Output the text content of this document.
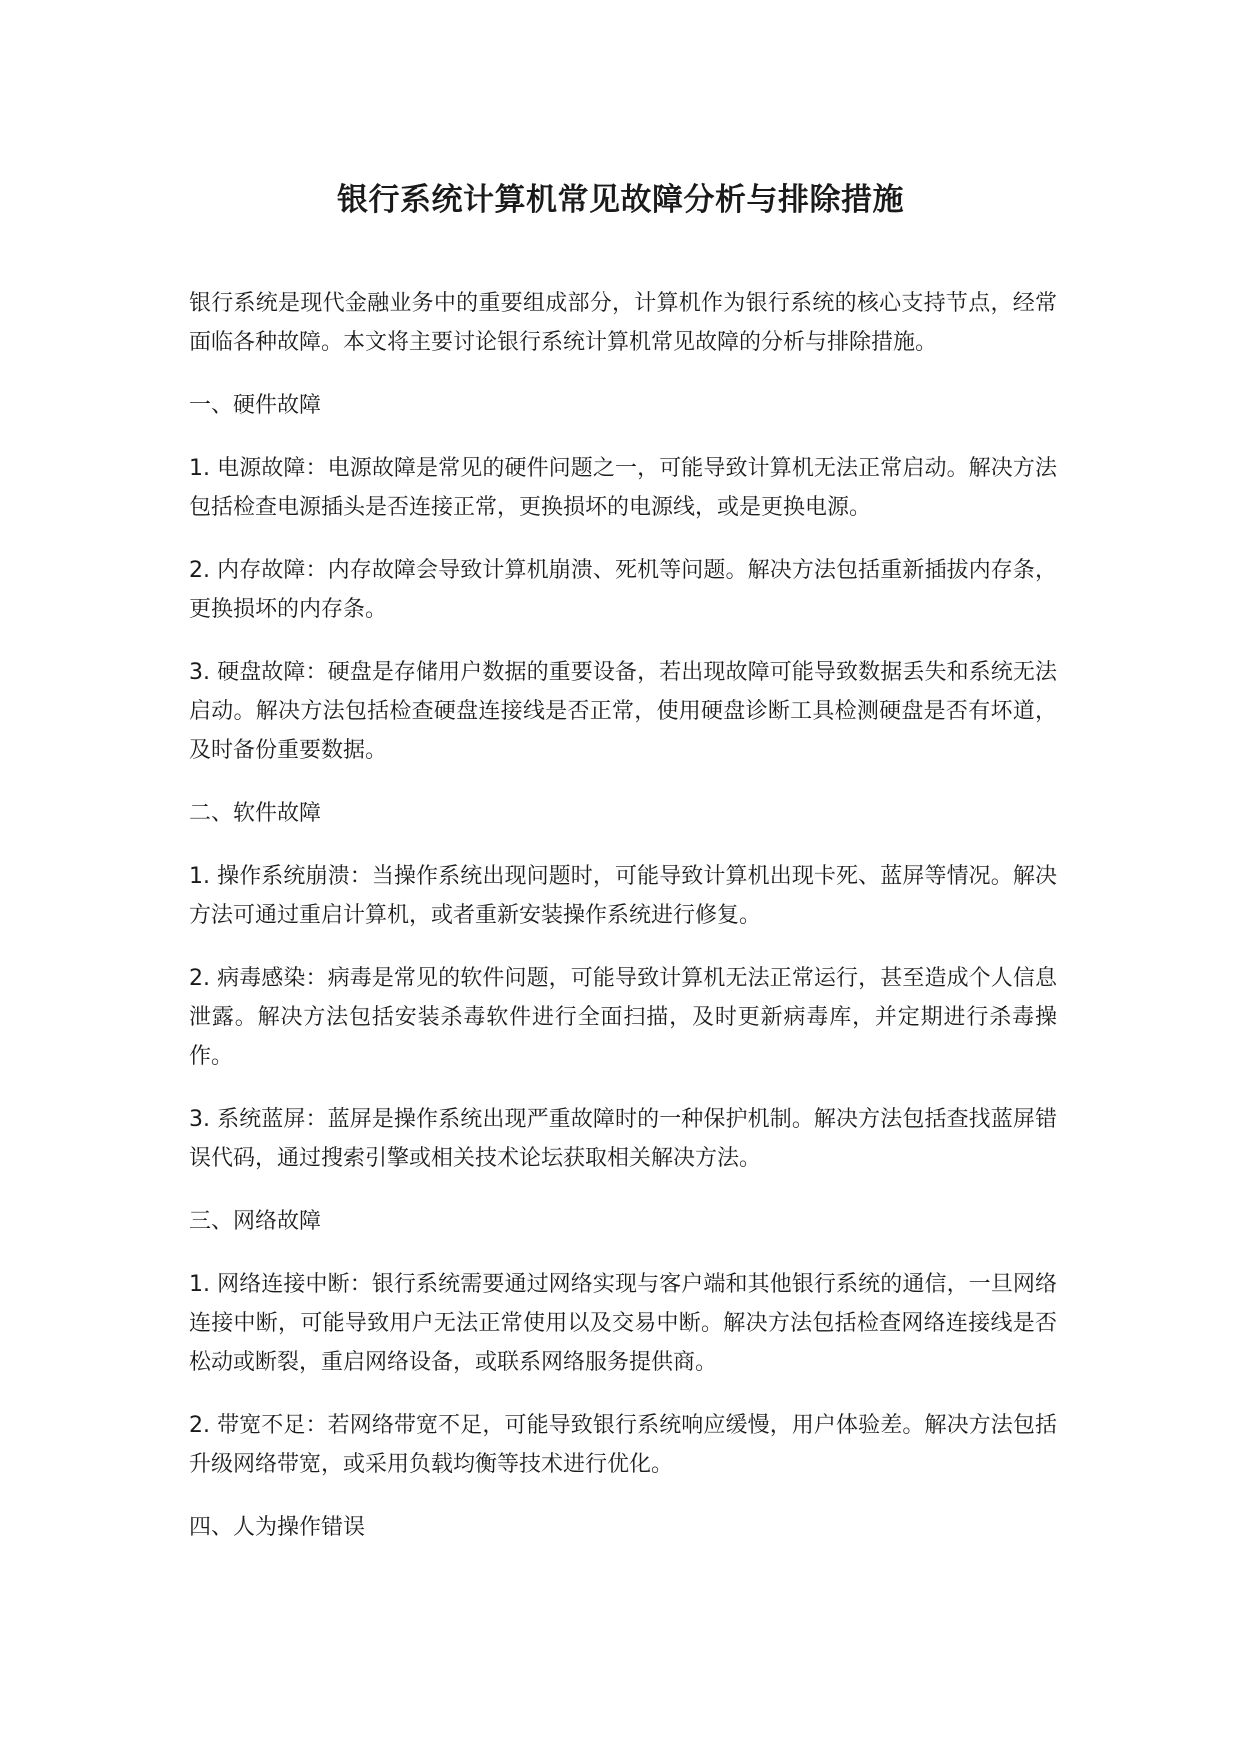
银行系统计算机常见故障分析与排除措施

银行系统是现代金融业务中的重要组成部分，计算机作为银行系统的核心支持节点，经常面临各种故障。本文将主要讨论银行系统计算机常见故障的分析与排除措施。

一、硬件故障

1. 电源故障：电源故障是常见的硬件问题之一，可能导致计算机无法正常启动。解决方法包括检查电源插头是否连接正常，更换损坏的电源线，或是更换电源。

2. 内存故障：内存故障会导致计算机崩溃、死机等问题。解决方法包括重新插拔内存条，更换损坏的内存条。

3. 硬盘故障：硬盘是存储用户数据的重要设备，若出现故障可能导致数据丢失和系统无法启动。解决方法包括检查硬盘连接线是否正常，使用硬盘诊断工具检测硬盘是否有坏道，及时备份重要数据。

二、软件故障

1. 操作系统崩溃：当操作系统出现问题时，可能导致计算机出现卡死、蓝屏等情况。解决方法可通过重启计算机，或者重新安装操作系统进行修复。

2. 病毒感染：病毒是常见的软件问题，可能导致计算机无法正常运行，甚至造成个人信息泄露。解决方法包括安装杀毒软件进行全面扫描，及时更新病毒库，并定期进行杀毒操作。

3. 系统蓝屏：蓝屏是操作系统出现严重故障时的一种保护机制。解决方法包括查找蓝屏错误代码，通过搜索引擎或相关技术论坛获取相关解决方法。

三、网络故障

1. 网络连接中断：银行系统需要通过网络实现与客户端和其他银行系统的通信，一旦网络连接中断，可能导致用户无法正常使用以及交易中断。解决方法包括检查网络连接线是否松动或断裂，重启网络设备，或联系网络服务提供商。

2. 带宽不足：若网络带宽不足，可能导致银行系统响应缓慢，用户体验差。解决方法包括升级网络带宽，或采用负载均衡等技术进行优化。

四、人为操作错误
